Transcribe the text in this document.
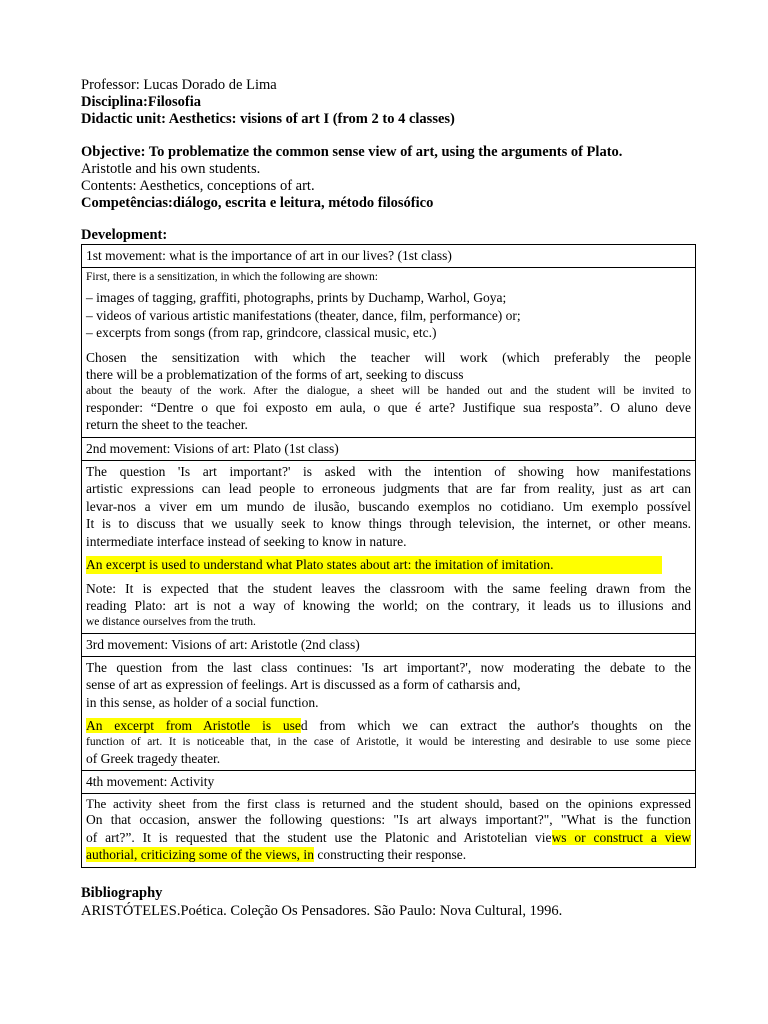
Professor: Lucas Dorado de Lima
Disciplina:Filosofia
Didactic unit: Aesthetics: visions of art I (from 2 to 4 classes)
Objective: To problematize the common sense view of art, using the arguments of Plato.
Aristotle and his own students.
Contents: Aesthetics, conceptions of art.
Competências:diálogo, escrita e leitura, método filosófico
Development:
1st movement: what is the importance of art in our lives? (1st class)

First, there is a sensitization, in which the following are shown:
– images of tagging, graffiti, photographs, prints by Duchamp, Warhol, Goya;
– videos of various artistic manifestations (theater, dance, film, performance) or;
– excerpts from songs (from rap, grindcore, classical music, etc.)
Chosen the sensitization with which the teacher will work (which preferably the people
there will be a problematization of the forms of art, seeking to discuss
about the beauty of the work. After the dialogue, a sheet will be handed out and the student will be invited to
responder: “Dentre o que foi exposto em aula, o que é arte? Justifique sua resposta”. O aluno deve
return the sheet to the teacher.

2nd movement: Visions of art: Plato (1st class)

The question 'Is art important?' is asked with the intention of showing how manifestations
artistic expressions can lead people to erroneous judgments that are far from reality, just as art can
levar-nos a viver em um mundo de ilusão, buscando exemplos no cotidiano. Um exemplo possível
It is to discuss that we usually seek to know things through television, the internet, or other means.
intermediate interface instead of seeking to know in nature.
An excerpt is used to understand what Plato states about art: the imitation of imitation.
Note: It is expected that the student leaves the classroom with the same feeling drawn from the
reading Plato: art is not a way of knowing the world; on the contrary, it leads us to illusions and
we distance ourselves from the truth.

3rd movement: Visions of art: Aristotle (2nd class)

The question from the last class continues: 'Is art important?', now moderating the debate to the
sense of art as expression of feelings. Art is discussed as a form of catharsis and,
in this sense, as holder of a social function.
An excerpt from Aristotle is used from which we can extract the author's thoughts on the
function of art. It is noticeable that, in the case of Aristotle, it would be interesting and desirable to use some piece
of Greek tragedy theater.

4th movement: Activity

The activity sheet from the first class is returned and the student should, based on the opinions expressed
On that occasion, answer the following questions: "Is art always important?", "What is the function
of art?”. It is requested that the student use the Platonic and Aristotelian views or construct a view
authorial, criticizing some of the views, in constructing their response.
Bibliography
ARISTÓTELES.Poética. Coleção Os Pensadores. São Paulo: Nova Cultural, 1996.
